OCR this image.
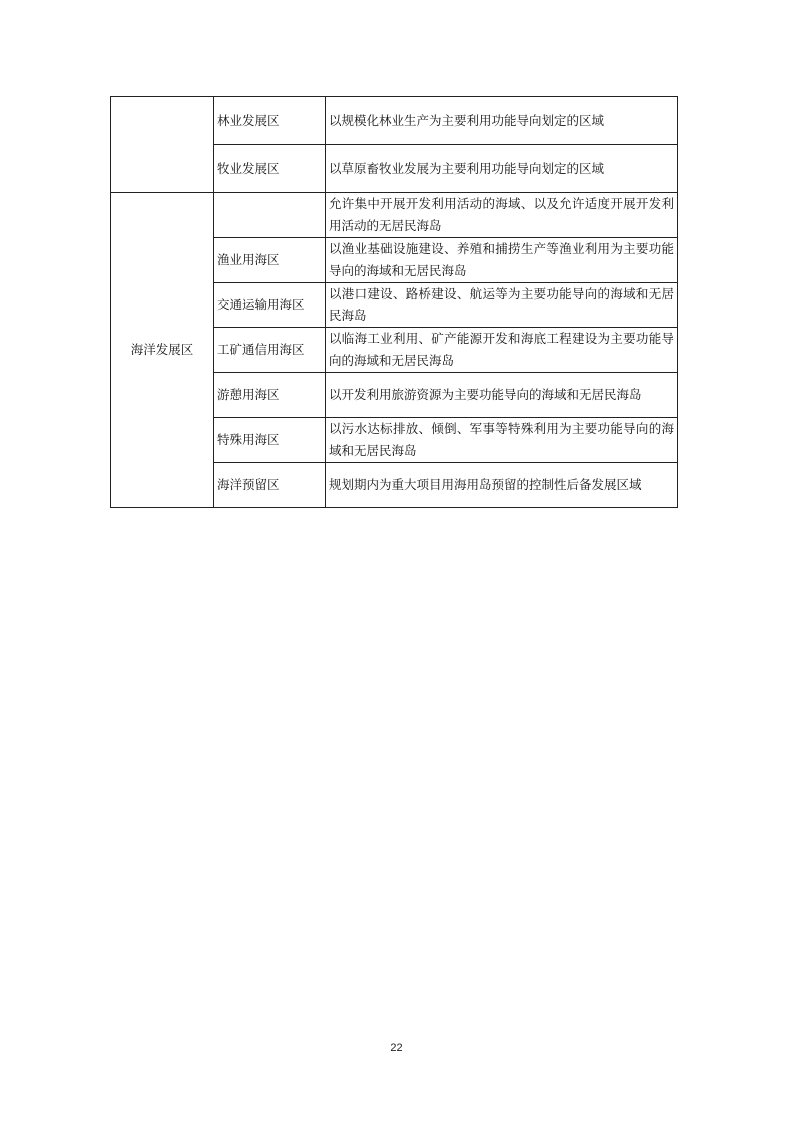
	林业发展区	以规模化林业生产为主要利用功能导向划定的区域
	牧业发展区	以草原畜牧业发展为主要利用功能导向划定的区域
海洋发展区		允许集中开展开发利用活动的海域、以及允许适度开展开发利用活动的无居民海岛
	渔业用海区	以渔业基础设施建设、养殖和捕捞生产等渔业利用为主要功能导向的海域和无居民海岛
	交通运输用海区	以港口建设、路桥建设、航运等为主要功能导向的海域和无居民海岛
	工矿通信用海区	以临海工业利用、矿产能源开发和海底工程建设为主要功能导向的海域和无居民海岛
	游憩用海区	以开发利用旅游资源为主要功能导向的海域和无居民海岛
	特殊用海区	以污水达标排放、倾倒、军事等特殊利用为主要功能导向的海域和无居民海岛
	海洋预留区	规划期内为重大项目用海用岛预留的控制性后备发展区域
22
